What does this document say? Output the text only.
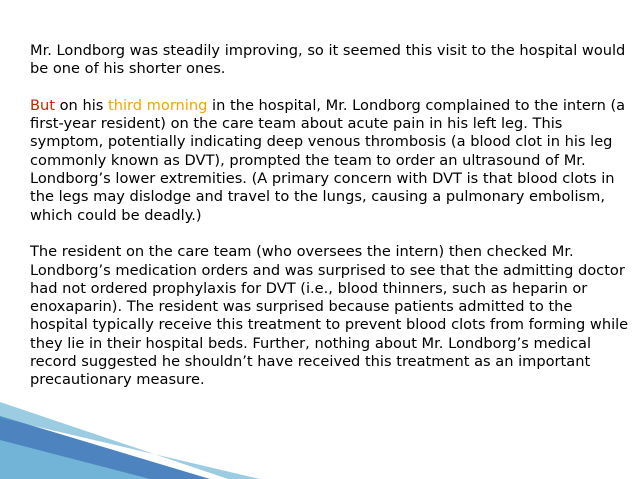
Mr. Londborg was steadily improving, so it seemed this visit to the hospital would be one of his shorter ones.

But on his third morning in the hospital, Mr. Londborg complained to the intern (a first-year resident) on the care team about acute pain in his left leg. This symptom, potentially indicating deep venous thrombosis (a blood clot in his leg commonly known as DVT), prompted the team to order an ultrasound of Mr. Londborg’s lower extremities. (A primary concern with DVT is that blood clots in the legs may dislodge and travel to the lungs, causing a pulmonary embolism, which could be deadly.)

The resident on the care team (who oversees the intern) then checked Mr. Londborg’s medication orders and was surprised to see that the admitting doctor had not ordered prophylaxis for DVT (i.e., blood thinners, such as heparin or enoxaparin). The resident was surprised because patients admitted to the hospital typically receive this treatment to prevent blood clots from forming while they lie in their hospital beds. Further, nothing about Mr. Londborg’s medical record suggested he shouldn’t have received this treatment as an important precautionary measure.
